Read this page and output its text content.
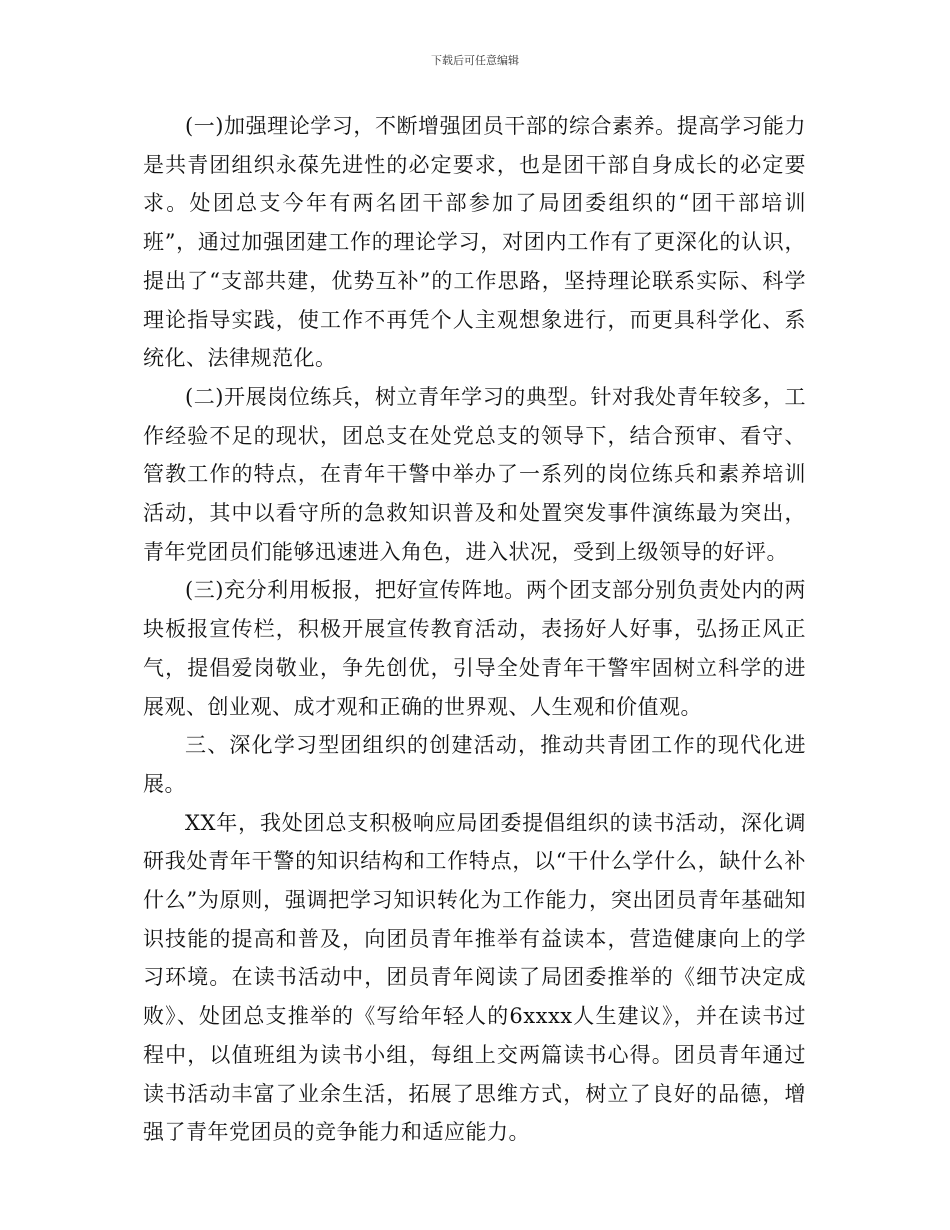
下载后可任意编辑

(一)加强理论学习，不断增强团员干部的综合素养。提高学习能力是共青团组织永葆先进性的必定要求，也是团干部自身成长的必定要求。处团总支今年有两名团干部参加了局团委组织的“团干部培训班”，通过加强团建工作的理论学习，对团内工作有了更深化的认识，提出了“支部共建，优势互补”的工作思路，坚持理论联系实际、科学理论指导实践，使工作不再凭个人主观想象进行，而更具科学化、系统化、法律规范化。

(二)开展岗位练兵，树立青年学习的典型。针对我处青年较多，工作经验不足的现状，团总支在处党总支的领导下，结合预审、看守、管教工作的特点，在青年干警中举办了一系列的岗位练兵和素养培训活动，其中以看守所的急救知识普及和处置突发事件演练最为突出，青年党团员们能够迅速进入角色，进入状况，受到上级领导的好评。

(三)充分利用板报，把好宣传阵地。两个团支部分别负责处内的两块板报宣传栏，积极开展宣传教育活动，表扬好人好事，弘扬正风正气，提倡爱岗敬业，争先创优，引导全处青年干警牢固树立科学的进展观、创业观、成才观和正确的世界观、人生观和价值观。

三、深化学习型团组织的创建活动，推动共青团工作的现代化进展。

XX年，我处团总支积极响应局团委提倡组织的读书活动，深化调研我处青年干警的知识结构和工作特点，以“干什么学什么，缺什么补什么”为原则，强调把学习知识转化为工作能力，突出团员青年基础知识技能的提高和普及，向团员青年推举有益读本，营造健康向上的学习环境。在读书活动中，团员青年阅读了局团委推举的《细节决定成败》、处团总支推举的《写给年轻人的6xxxx人生建议》，并在读书过程中，以值班组为读书小组，每组上交两篇读书心得。团员青年通过读书活动丰富了业余生活，拓展了思维方式，树立了良好的品德，增强了青年党团员的竞争能力和适应能力。
